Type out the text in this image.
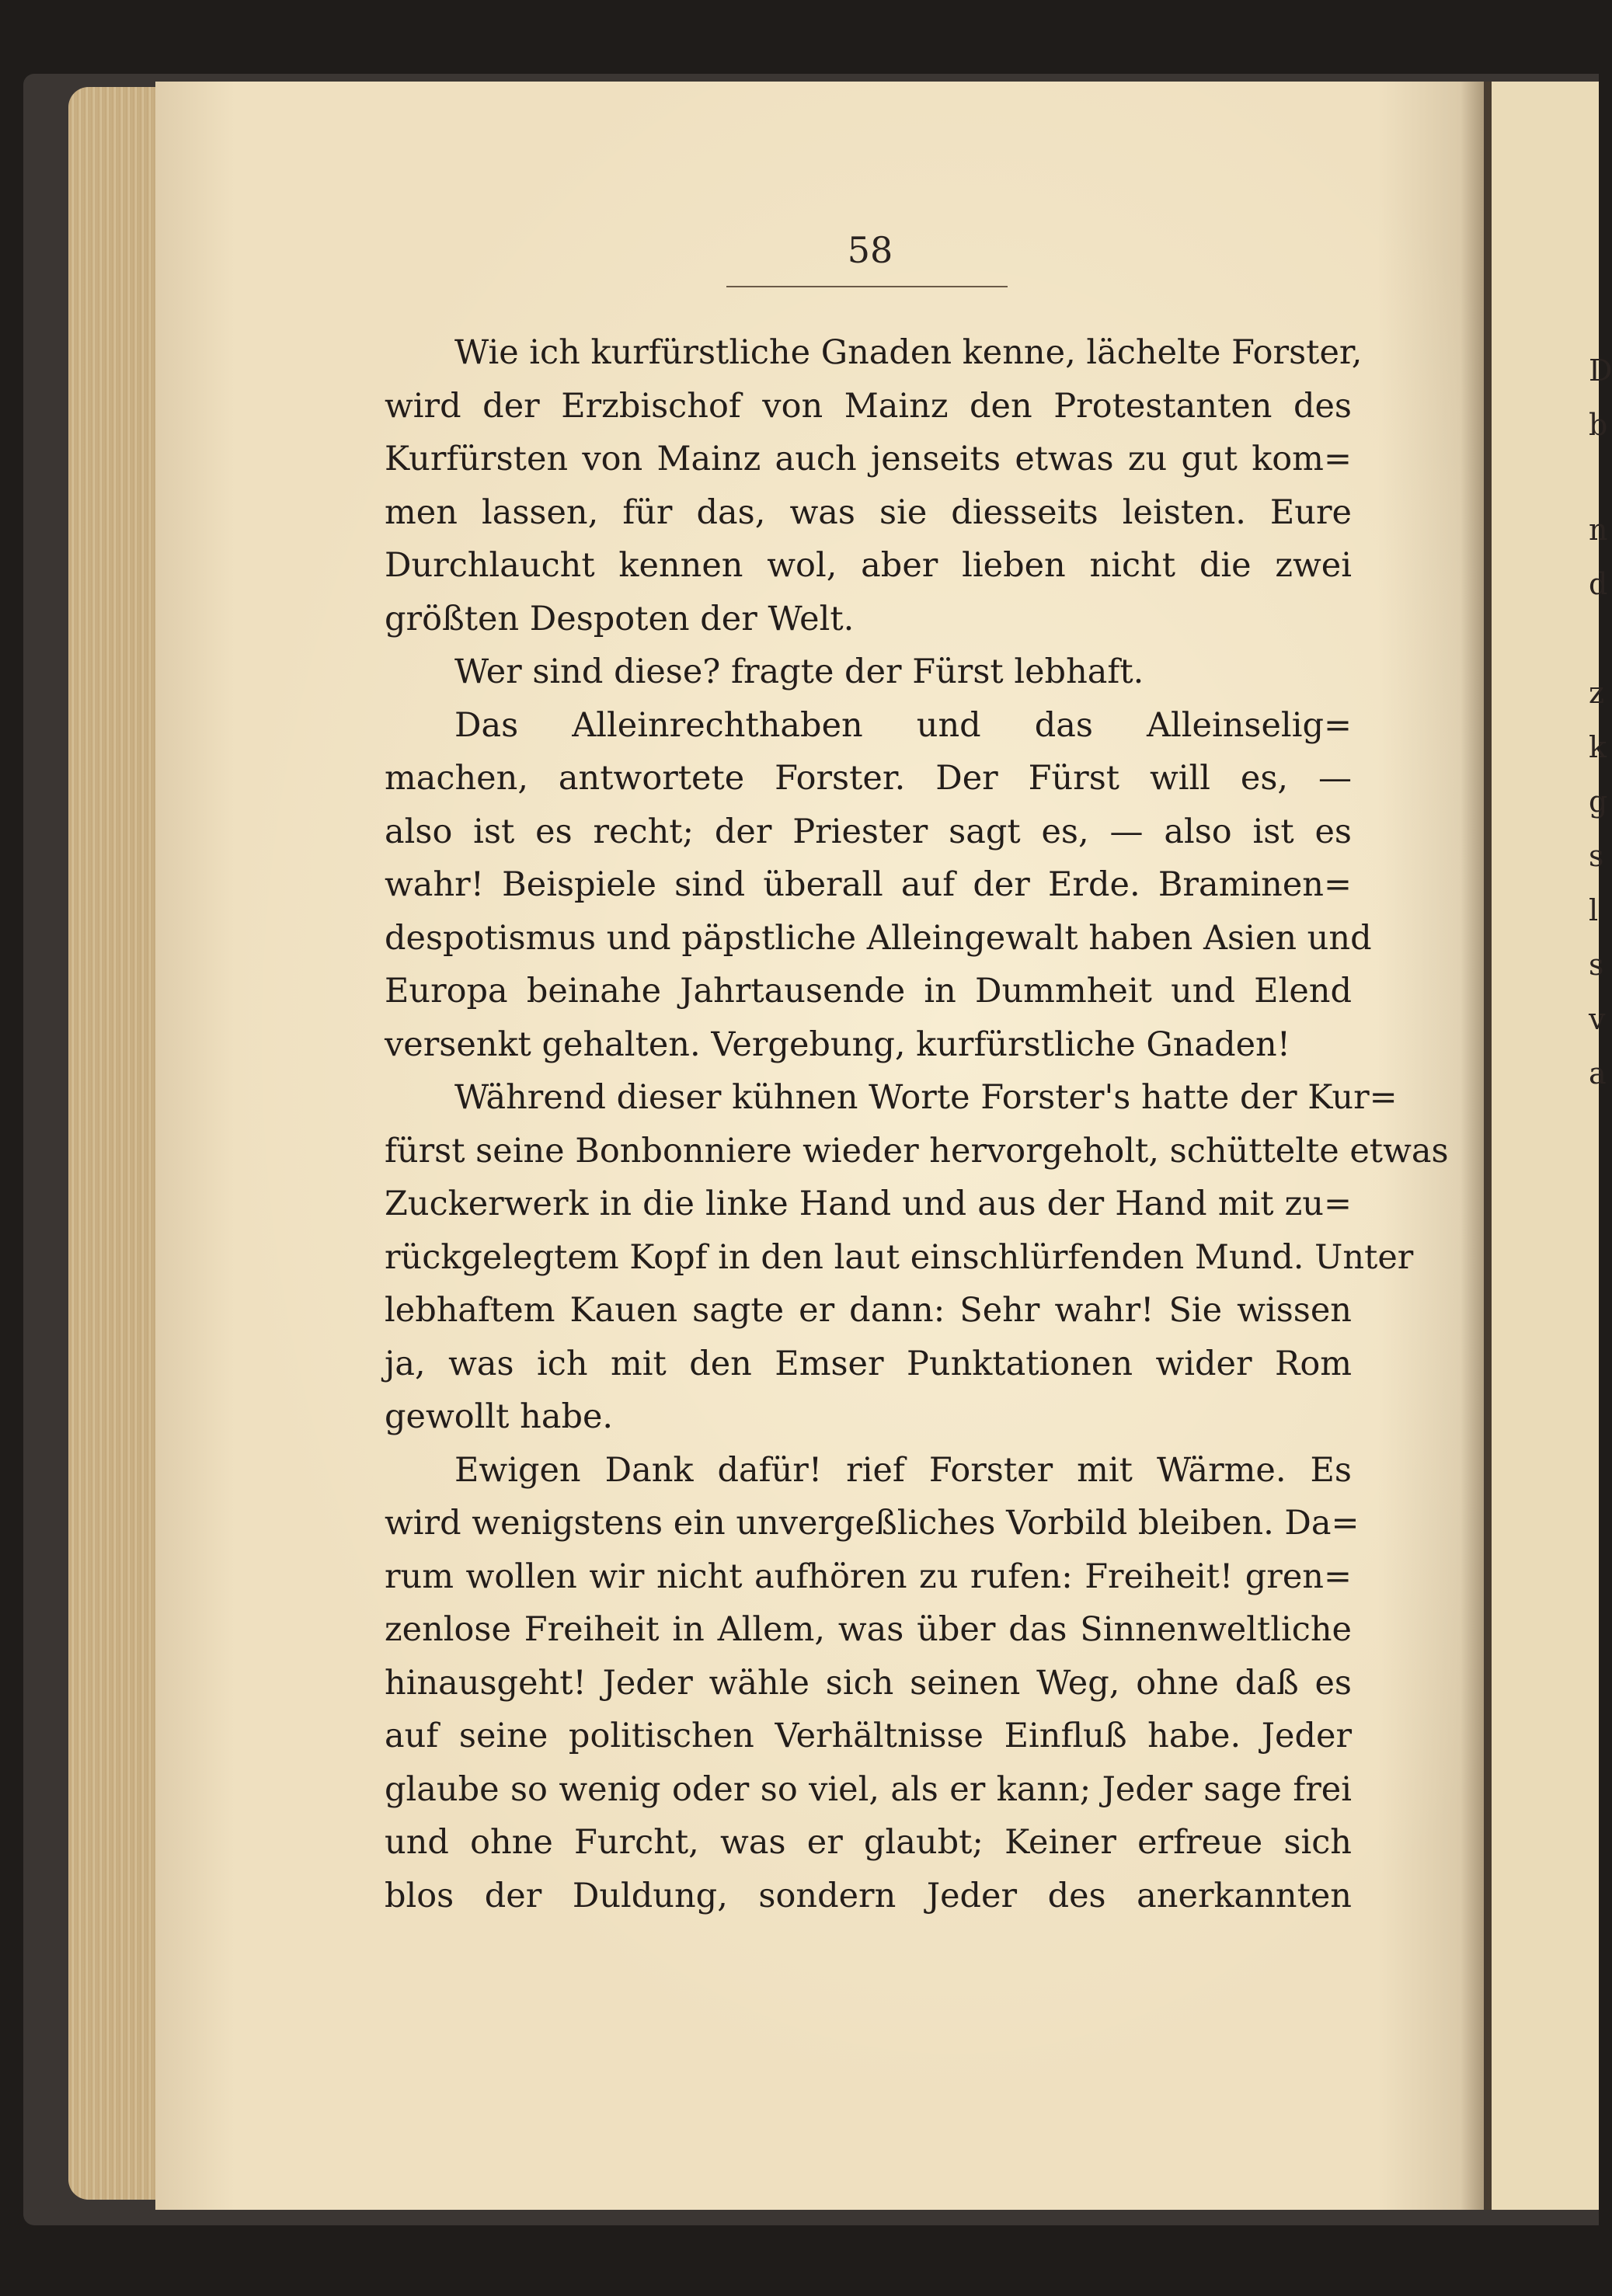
D
b
n
d
z
k
g
s
l
s
v
a
58
Wie ich kurfürstliche Gnaden kenne, lächelte Forster,
wird der Erzbischof von Mainz den Protestanten des
Kurfürsten von Mainz auch jenseits etwas zu gut kom=
men lassen, für das, was sie diesseits leisten. Eure
Durchlaucht kennen wol, aber lieben nicht die zwei
größten Despoten der Welt.
Wer sind diese? fragte der Fürst lebhaft.
Das Alleinrechthaben und das Alleinselig=
machen, antwortete Forster. Der Fürst will es, —
also ist es recht; der Priester sagt es, — also ist es
wahr! Beispiele sind überall auf der Erde. Braminen=
despotismus und päpstliche Alleingewalt haben Asien und
Europa beinahe Jahrtausende in Dummheit und Elend
versenkt gehalten. Vergebung, kurfürstliche Gnaden!
Während dieser kühnen Worte Forster's hatte der Kur=
fürst seine Bonbonniere wieder hervorgeholt, schüttelte etwas
Zuckerwerk in die linke Hand und aus der Hand mit zu=
rückgelegtem Kopf in den laut einschlürfenden Mund. Unter
lebhaftem Kauen sagte er dann: Sehr wahr! Sie wissen
ja, was ich mit den Emser Punktationen wider Rom
gewollt habe.
Ewigen Dank dafür! rief Forster mit Wärme. Es
wird wenigstens ein unvergeßliches Vorbild bleiben. Da=
rum wollen wir nicht aufhören zu rufen: Freiheit! gren=
zenlose Freiheit in Allem, was über das Sinnenweltliche
hinausgeht! Jeder wähle sich seinen Weg, ohne daß es
auf seine politischen Verhältnisse Einfluß habe. Jeder
glaube so wenig oder so viel, als er kann; Jeder sage frei
und ohne Furcht, was er glaubt; Keiner erfreue sich
blos der Duldung, sondern Jeder des anerkannten
